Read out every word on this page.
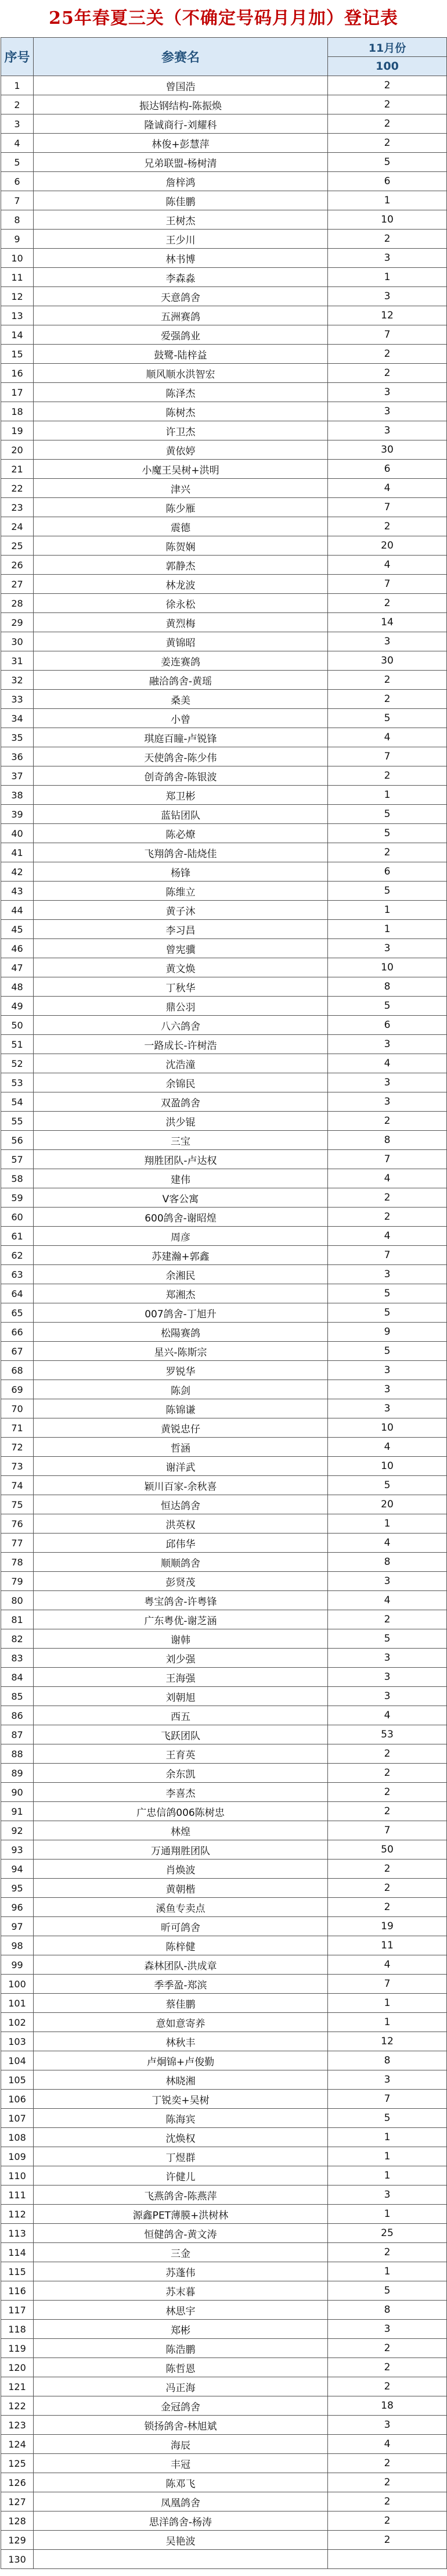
25年春夏三关（不确定号码月月加）登记表
序号	参赛名	11月份
		100
1	曾国浩	2
2	振达钢结构-陈振焕	2
3	隆诚商行-刘耀科	2
4	林俊+彭慧萍	2
5	兄弟联盟-杨树清	5
6	詹梓鸿	6
7	陈佳鹏	1
8	王树杰	10
9	王少川	2
10	林书博	3
11	李森淼	1
12	天意鸽舍	3
13	五洲赛鸽	12
14	爱强鸽业	7
15	鼓鹭-陆梓益	2
16	顺风顺水洪智宏	2
17	陈泽杰	3
18	陈树杰	3
19	许卫杰	3
20	黄依婷	30
21	小魔王吴树+洪明	6
22	津兴	4
23	陈少雁	7
24	震德	2
25	陈贺娴	20
26	郭静杰	4
27	林龙波	7
28	徐永松	2
29	黄烈梅	14
30	黄锦昭	3
31	姜连赛鸽	30
32	融洽鸽舍-黄瑶	2
33	桑美	2
34	小曾	5
35	琪庭百瞳-卢锐锋	4
36	天使鸽舍-陈少伟	7
37	创奇鸽舍-陈银波	2
38	郑卫彬	1
39	蓝钻团队	5
40	陈必燎	5
41	飞翔鸽舍-陆烧佳	2
42	杨锋	6
43	陈维立	5
44	黄子沐	1
45	李习昌	1
46	曾宪骥	3
47	黄文焕	10
48	丁秋华	8
49	鼎公羽	5
50	八六鸽舍	6
51	一路成长-许树浩	3
52	沈浩潼	4
53	余锦民	3
54	双盈鸽舍	3
55	洪少锟	2
56	三宝	8
57	翔胜团队-卢达权	7
58	建伟	4
59	V客公寓	2
60	600鸽舍-谢昭煌	2
61	周彦	4
62	苏建瀚+郭鑫	7
63	余湘民	3
64	郑湘杰	5
65	007鸽舍-丁旭升	5
66	松陽赛鸽	9
67	星兴-陈斯宗	5
68	罗锐华	3
69	陈剑	3
70	陈锦谦	3
71	黄锐忠仔	10
72	哲涵	4
73	谢洋武	10
74	颖川百家-余秋喜	5
75	恒达鸽舍	20
76	洪英权	1
77	邱伟华	4
78	顺顺鸽舍	8
79	彭贤茂	3
80	粤宝鸽舍-许粤锋	4
81	广东粤优-谢芝涵	2
82	谢韩	5
83	刘少强	3
84	王海强	3
85	刘朝旭	3
86	西五	4
87	飞跃团队	53
88	王育英	2
89	余东凯	2
90	李喜杰	2
91	广忠信鸽006陈树忠	2
92	林煌	7
93	万通翔胜团队	50
94	肖焕波	2
95	黄朝楷	2
96	溪鱼专卖点	2
97	昕可鸽舍	19
98	陈梓健	11
99	森林团队-洪成章	4
100	季季盈-郑滨	7
101	蔡佳鹏	1
102	意如意寄养	1
103	林秋丰	12
104	卢炯锦+卢俊勤	8
105	林晓湘	3
106	丁锐奕+吴树	7
107	陈海宾	5
108	沈焕权	1
109	丁煜群	1
110	许健儿	1
111	飞燕鸽舍-陈燕萍	3
112	源鑫PET薄膜+洪树林	1
113	恒健鸽舍-黄文涛	25
114	三金	2
115	苏蓬伟	1
116	苏末暮	5
117	林思宇	8
118	郑彬	3
119	陈浩鹏	2
120	陈哲恩	2
121	冯正海	2
122	金冠鸽舍	18
123	锁扬鸽舍-林旭斌	3
124	海辰	4
125	丰冠	2
126	陈邓飞	2
127	凤凰鸽舍	2
128	思洋鸽舍-杨涛	2
129	吴艳波	2
130		
